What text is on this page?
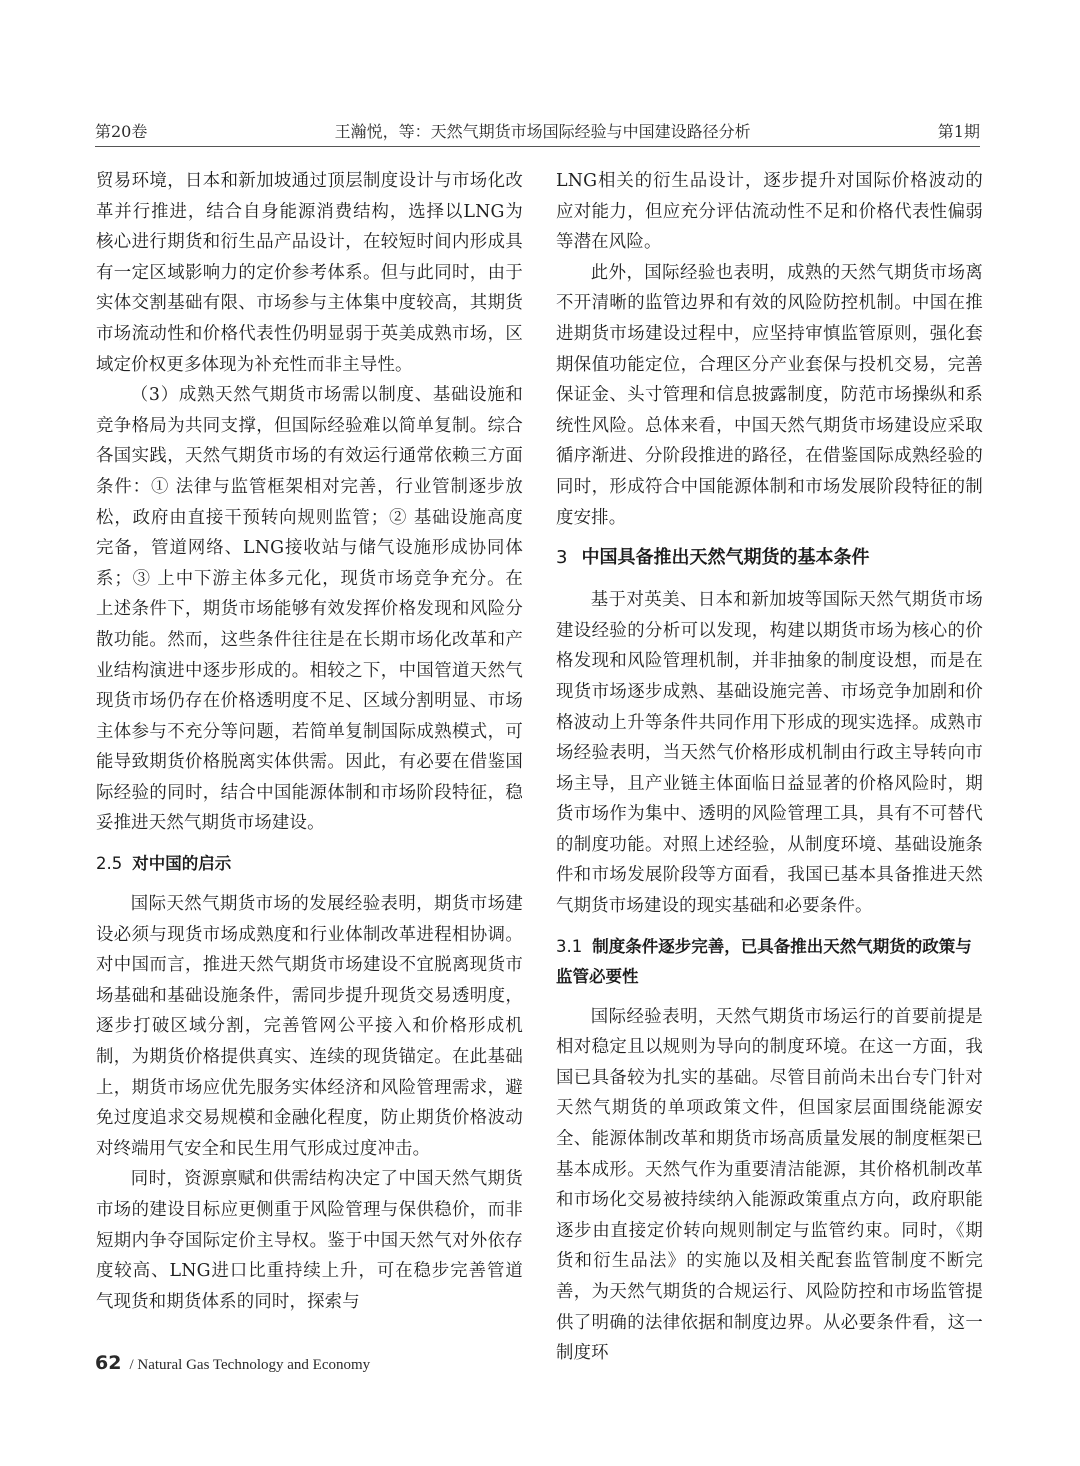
第20卷	王瀚悦，等：天然气期货市场国际经验与中国建设路径分析	第1期

贸易环境，日本和新加坡通过顶层制度设计与市场化改革并行推进，结合自身能源消费结构，选择以LNG为核心进行期货和衍生品产品设计，在较短时间内形成具有一定区域影响力的定价参考体系。但与此同时，由于实体交割基础有限、市场参与主体集中度较高，其期货市场流动性和价格代表性仍明显弱于英美成熟市场，区域定价权更多体现为补充性而非主导性。

（3）成熟天然气期货市场需以制度、基础设施和竞争格局为共同支撑，但国际经验难以简单复制。综合各国实践，天然气期货市场的有效运行通常依赖三方面条件：① 法律与监管框架相对完善，行业管制逐步放松，政府由直接干预转向规则监管；② 基础设施高度完备，管道网络、LNG接收站与储气设施形成协同体系；③ 上中下游主体多元化，现货市场竞争充分。在上述条件下，期货市场能够有效发挥价格发现和风险分散功能。然而，这些条件往往是在长期市场化改革和产业结构演进中逐步形成的。相较之下，中国管道天然气现货市场仍存在价格透明度不足、区域分割明显、市场主体参与不充分等问题，若简单复制国际成熟模式，可能导致期货价格脱离实体供需。因此，有必要在借鉴国际经验的同时，结合中国能源体制和市场阶段特征，稳妥推进天然气期货市场建设。

2.5 对中国的启示

国际天然气期货市场的发展经验表明，期货市场建设必须与现货市场成熟度和行业体制改革进程相协调。对中国而言，推进天然气期货市场建设不宜脱离现货市场基础和基础设施条件，需同步提升现货交易透明度，逐步打破区域分割，完善管网公平接入和价格形成机制，为期货价格提供真实、连续的现货锚定。在此基础上，期货市场应优先服务实体经济和风险管理需求，避免过度追求交易规模和金融化程度，防止期货价格波动对终端用气安全和民生用气形成过度冲击。

同时，资源禀赋和供需结构决定了中国天然气期货市场的建设目标应更侧重于风险管理与保供稳价，而非短期内争夺国际定价主导权。鉴于中国天然气对外依存度较高、LNG进口比重持续上升，可在稳步完善管道气现货和期货体系的同时，探索与

LNG相关的衍生品设计，逐步提升对国际价格波动的应对能力，但应充分评估流动性不足和价格代表性偏弱等潜在风险。

此外，国际经验也表明，成熟的天然气期货市场离不开清晰的监管边界和有效的风险防控机制。中国在推进期货市场建设过程中，应坚持审慎监管原则，强化套期保值功能定位，合理区分产业套保与投机交易，完善保证金、头寸管理和信息披露制度，防范市场操纵和系统性风险。总体来看，中国天然气期货市场建设应采取循序渐进、分阶段推进的路径，在借鉴国际成熟经验的同时，形成符合中国能源体制和市场发展阶段特征的制度安排。

3 中国具备推出天然气期货的基本条件

基于对英美、日本和新加坡等国际天然气期货市场建设经验的分析可以发现，构建以期货市场为核心的价格发现和风险管理机制，并非抽象的制度设想，而是在现货市场逐步成熟、基础设施完善、市场竞争加剧和价格波动上升等条件共同作用下形成的现实选择。成熟市场经验表明，当天然气价格形成机制由行政主导转向市场主导，且产业链主体面临日益显著的价格风险时，期货市场作为集中、透明的风险管理工具，具有不可替代的制度功能。对照上述经验，从制度环境、基础设施条件和市场发展阶段等方面看，我国已基本具备推进天然气期货市场建设的现实基础和必要条件。

3.1 制度条件逐步完善，已具备推出天然气期货的政策与监管必要性

国际经验表明，天然气期货市场运行的首要前提是相对稳定且以规则为导向的制度环境。在这一方面，我国已具备较为扎实的基础。尽管目前尚未出台专门针对天然气期货的单项政策文件，但国家层面围绕能源安全、能源体制改革和期货市场高质量发展的制度框架已基本成形。天然气作为重要清洁能源，其价格机制改革和市场化交易被持续纳入能源政策重点方向，政府职能逐步由直接定价转向规则制定与监管约束。同时，《期货和衍生品法》的实施以及相关配套监管制度不断完善，为天然气期货的合规运行、风险防控和市场监管提供了明确的法律依据和制度边界。从必要条件看，这一制度环

62 / Natural Gas Technology and Economy
